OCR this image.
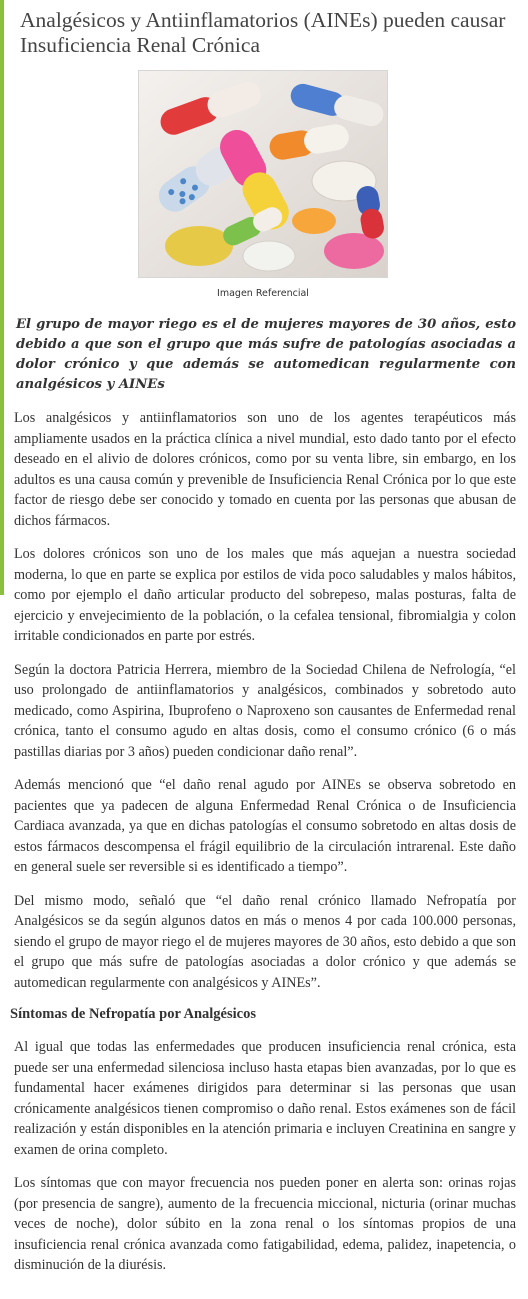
Analgésicos y Antiinflamatorios (AINEs) pueden causar Insuficiencia Renal Crónica
Imagen Referencial

El grupo de mayor riego es el de mujeres mayores de 30 años, esto debido a que son el grupo que más sufre de patologías asociadas a dolor crónico y que además se automedican regularmente con analgésicos y AINEs

Los analgésicos y antiinflamatorios son uno de los agentes terapéuticos más ampliamente usados en la práctica clínica a nivel mundial, esto dado tanto por el efecto deseado en el alivio de dolores crónicos, como por su venta libre, sin embargo, en los adultos es una causa común y prevenible de Insuficiencia Renal Crónica por lo que este factor de riesgo debe ser conocido y tomado en cuenta por las personas que abusan de dichos fármacos.

Los dolores crónicos son uno de los males que más aquejan a nuestra sociedad moderna, lo que en parte se explica por estilos de vida poco saludables y malos hábitos, como por ejemplo el daño articular producto del sobrepeso, malas posturas, falta de ejercicio y envejecimiento de la población, o la cefalea tensional, fibromialgia y colon irritable condicionados en parte por estrés.

Según la doctora Patricia Herrera, miembro de la Sociedad Chilena de Nefrología, “el uso prolongado de antiinflamatorios y analgésicos, combinados y sobretodo auto medicado, como Aspirina, Ibuprofeno o Naproxeno son causantes de Enfermedad renal crónica, tanto el consumo agudo en altas dosis, como el consumo crónico (6 o más pastillas diarias por 3 años) pueden condicionar daño renal”.

Además mencionó que “el daño renal agudo por AINEs se observa sobretodo en pacientes que ya padecen de alguna Enfermedad Renal Crónica o de Insuficiencia Cardiaca avanzada, ya que en dichas patologías el consumo sobretodo en altas dosis de estos fármacos descompensa el frágil equilibrio de la circulación intrarenal. Este daño en general suele ser reversible si es identificado a tiempo”.

Del mismo modo, señaló que “el daño renal crónico llamado Nefropatía por Analgésicos se da según algunos datos en más o menos 4 por cada 100.000 personas, siendo el grupo de mayor riego el de mujeres mayores de 30 años, esto debido a que son el grupo que más sufre de patologías asociadas a dolor crónico y que además se automedican regularmente con analgésicos y AINEs”.

Síntomas de Nefropatía por Analgésicos

Al igual que todas las enfermedades que producen insuficiencia renal crónica, esta puede ser una enfermedad silenciosa incluso hasta etapas bien avanzadas, por lo que es fundamental hacer exámenes dirigidos para determinar si las personas que usan crónicamente analgésicos tienen compromiso o daño renal. Estos exámenes son de fácil realización y están disponibles en la atención primaria e incluyen Creatinina en sangre y examen de orina completo.

Los síntomas que con mayor frecuencia nos pueden poner en alerta son: orinas rojas (por presencia de sangre), aumento de la frecuencia miccional, nicturia (orinar muchas veces de noche), dolor súbito en la zona renal o los síntomas propios de una insuficiencia renal crónica avanzada como fatigabilidad, edema, palidez, inapetencia, o disminución de la diurésis.
